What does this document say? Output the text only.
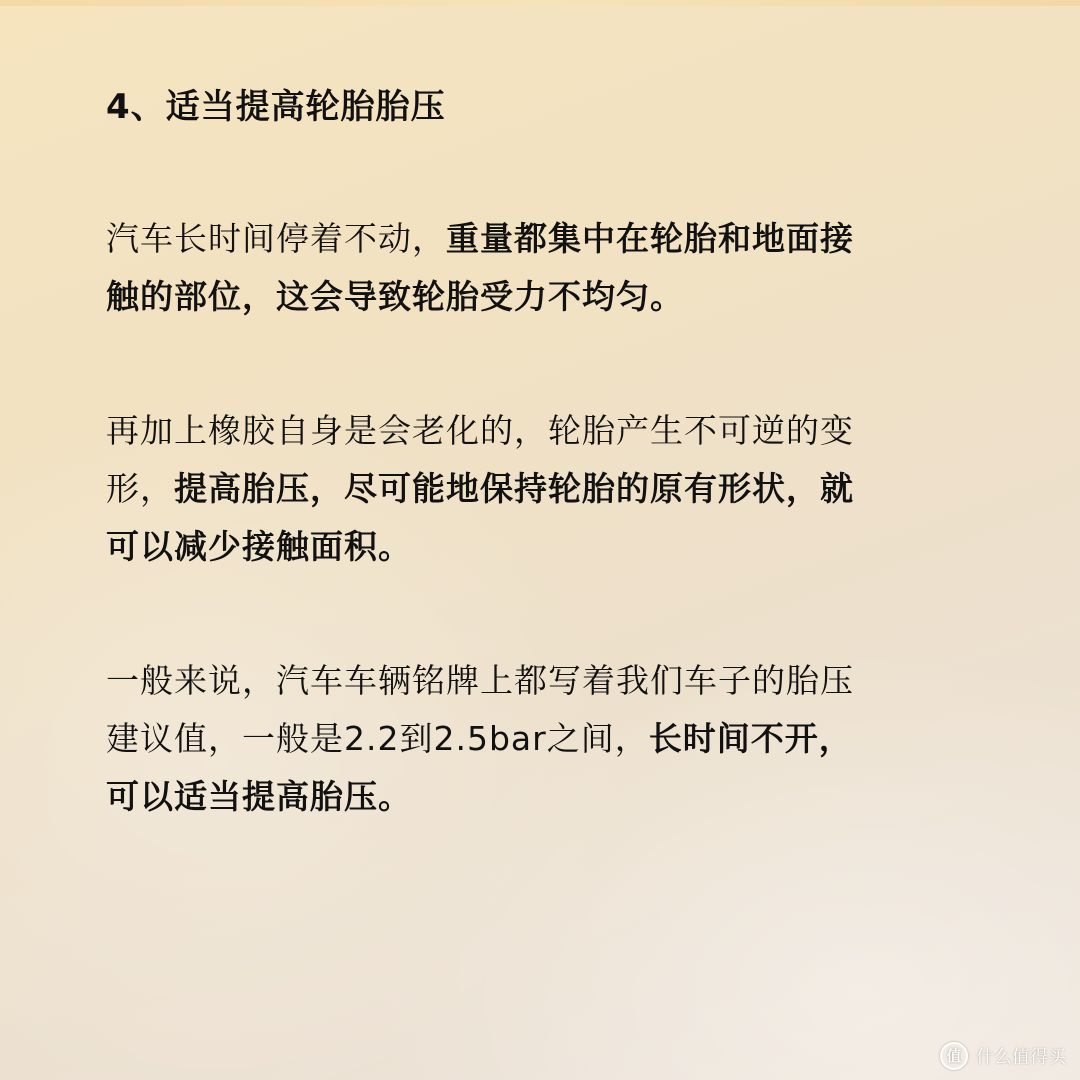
4、适当提高轮胎胎压
汽车长时间停着不动，重量都集中在轮胎和地面接
触的部位，这会导致轮胎受力不均匀。
再加上橡胶自身是会老化的，轮胎产生不可逆的变
形，提高胎压，尽可能地保持轮胎的原有形状，就
可以减少接触面积。
一般来说，汽车车辆铭牌上都写着我们车子的胎压
建议值，一般是2.2到2.5bar之间，长时间不开，
可以适当提高胎压。
值 什么值得买
